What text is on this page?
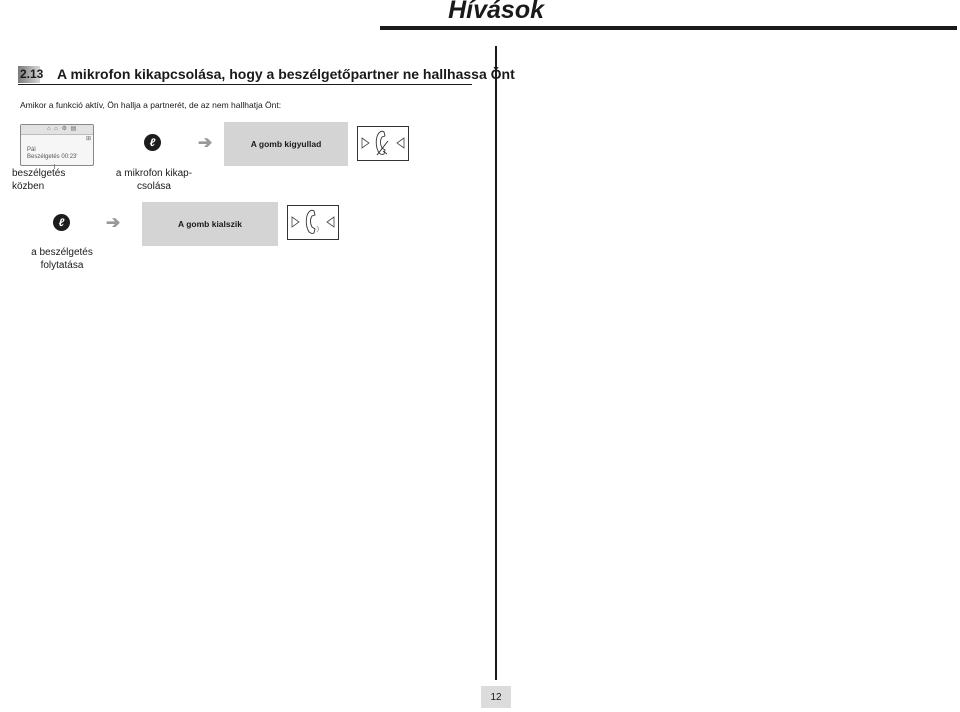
Hívások
2.13 A mikrofon kikapcsolása, hogy a beszélgetőpartner ne hallhassa Önt
Amikor a funkció aktív, Ön hallja a partnerét, de az nem hallhatja Önt:
⌂ ⌂ ⚙ ▤
⊞
Pál
Beszélgetés 00:23'
beszélgetés
közben
ℓ
a mikrofon kikap-
csolása
➔	A gomb kigyullad
ℓ
a beszélgetés
folytatása
➔	A gomb kialszik
12
